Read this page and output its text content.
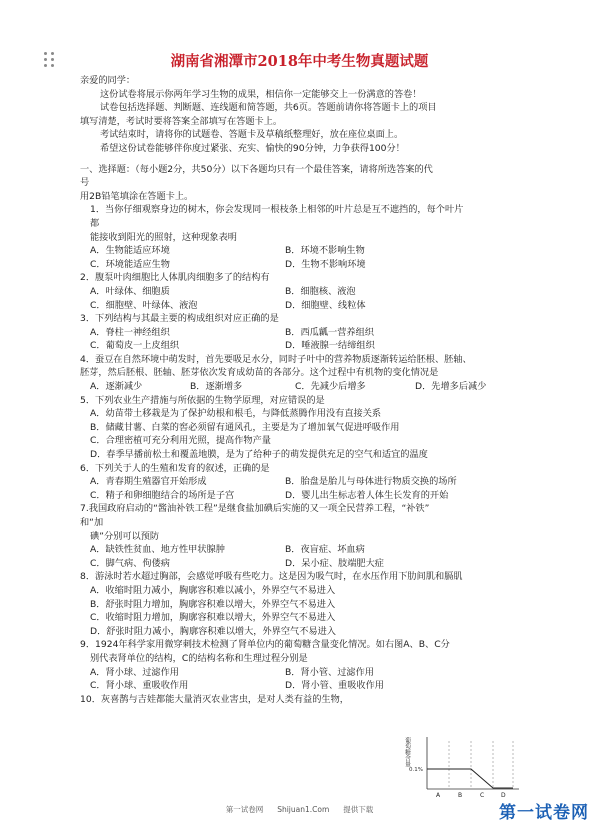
湖南省湘潭市2018年中考生物真题试题
亲爱的同学：
这份试卷将展示你两年学习生物的成果，相信你一定能够交上一份满意的答卷！
试卷包括选择题、判断题、连线题和简答题，共6页。答题前请你将答题卡上的项目
填写清楚，考试时要将答案全部填写在答题卡上。
考试结束时，请将你的试题卷、答题卡及草稿纸整理好，放在座位桌面上。
希望这份试卷能够伴你度过紧张、充实、愉快的90分钟，力争获得100分！
一、选择题：（每小题2分，共50分）以下各题均只有一个最佳答案，请将所选答案的代
号
用2B铅笔填涂在答题卡上。
1．当你仔细观察身边的树木，你会发现同一根枝条上相邻的叶片总是互不遮挡的，每个叶片
都
能接收到阳光的照射，这种现象表明
A．生物能适应环境	B．环境不影响生物
C．环境能适应生物	D．生物不影响环境
2．腹泵叶肉细胞比人体肌肉细胞多了的结构有
A．叶绿体、细胞质	B．细胞核、液泡
C．细胞壁、叶绿体、液泡	D．细胞壁、线粒体
3．下列结构与其最主要的构成组织对应正确的是
A．脊柱一神经组织	B．西瓜瓤一营养组织
C．葡萄皮一上皮组织	D．唾液腺一结缔组织
4．蚕豆在自然环境中萌发时，首先要吸足水分，同时子叶中的营养物质逐渐转运给胚根、胚轴、
胚芽，然后胚根、胚轴、胚芽依次发育成幼苗的各部分。这个过程中有机物的变化情况是
A．逐渐减少	B．逐渐增多	C．先减少后增多	D．先增多后减少
5．下列农业生产措施与所依据的生物学原理，对应错误的是
A．幼苗带土移栽是为了保护幼根和根毛，与降低蒸腾作用没有直接关系
B．储藏甘薯、白菜的窖必须留有通风孔，主要是为了增加氧气促进呼吸作用
C．合理密植可充分利用光照，提高作物产量
D．春季早播前松土和覆盖地膜，是为了给种子的萌发提供充足的空气和适宜的温度
6．下列关于人的生殖和发育的叙述，正确的是
A．青春期生殖器官开始形成	B．胎盘是胎儿与母体进行物质交换的场所
C．精子和卵细胞结合的场所是子宫	D．婴儿出生标志着人体生长发育的开始
7.我国政府启动的“酱油补铁工程”是继食盐加碘后实施的又一项全民营养工程，“补铁”
和“加
碘”分别可以预防
A．缺铁性贫血、地方性甲状腺肿	B．夜盲症、坏血病
C．脚气病、佝偻病	D．呆小症、肢端肥大症
8．游泳时若水超过胸部，会感觉呼吸有些吃力。这是因为吸气时，在水压作用下肋间肌和膈肌
A．收缩时阻力减小，胸廓容积难以减小，外界空气不易进入
B．舒张时阻力增加，胸廓容积难以增大，外界空气不易进入
C．收缩时阻力增加，胸廓容积难以增大，外界空气不易进入
D．舒张时阻力减小，胸廓容积难以增大，外界空气不易进入
9．1924年科学家用微穿刺技术检测了肾单位内的葡萄糖含量变化情况。如右图A、B、C分
别代表肾单位的结构，C的结构名称和生理过程分别是
A．肾小球、过滤作用	B．肾小管、过滤作用
C．肾小球、重吸收作用	D．肾小管、重吸收作用
10．灰喜鹊与吉娃都能大量消灭农业害虫，是对人类有益的生物，
葡萄糖含量
0.1%
A	B	C	D
第一试卷网 Shijuan1.Com 提供下载	第一试卷网
